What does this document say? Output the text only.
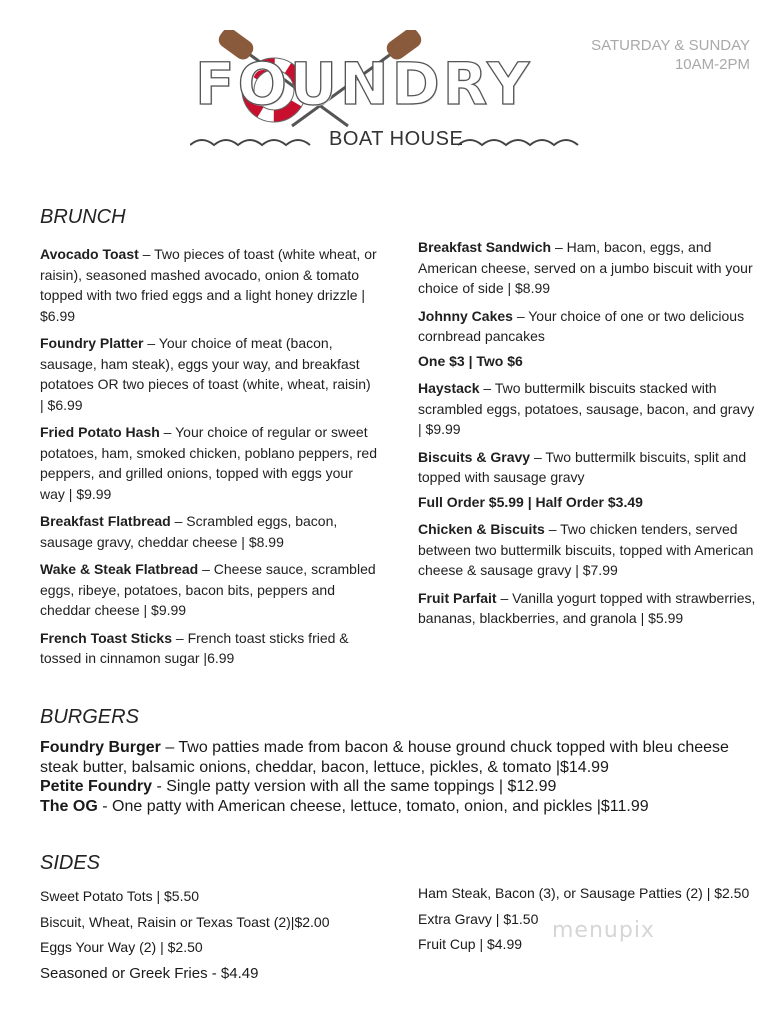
FOUNDRY
BOAT HOUSE
SATURDAY & SUNDAY
10AM-2PM
BRUNCH
Avocado Toast – Two pieces of toast (white wheat, or raisin), seasoned mashed avocado, onion & tomato topped with two fried eggs and a light honey drizzle | $6.99
Foundry Platter – Your choice of meat (bacon, sausage, ham steak), eggs your way, and breakfast potatoes OR two pieces of toast (white, wheat, raisin) | $6.99
Fried Potato Hash – Your choice of regular or sweet potatoes, ham, smoked chicken, poblano peppers, red peppers, and grilled onions, topped with eggs your way | $9.99
Breakfast Flatbread – Scrambled eggs, bacon, sausage gravy, cheddar cheese | $8.99
Wake & Steak Flatbread – Cheese sauce, scrambled eggs, ribeye, potatoes, bacon bits, peppers and cheddar cheese | $9.99
French Toast Sticks – French toast sticks fried & tossed in cinnamon sugar |6.99
Breakfast Sandwich – Ham, bacon, eggs, and American cheese, served on a jumbo biscuit with your choice of side | $8.99
Johnny Cakes – Your choice of one or two delicious cornbread pancakes
One $3 | Two $6
Haystack – Two buttermilk biscuits stacked with scrambled eggs, potatoes, sausage, bacon, and gravy | $9.99
Biscuits & Gravy – Two buttermilk biscuits, split and topped with sausage gravy
Full Order $5.99 | Half Order $3.49
Chicken & Biscuits – Two chicken tenders, served between two buttermilk biscuits, topped with American cheese & sausage gravy | $7.99
Fruit Parfait – Vanilla yogurt topped with strawberries, bananas, blackberries, and granola | $5.99
BURGERS
Foundry Burger – Two patties made from bacon & house ground chuck topped with bleu cheese steak butter, balsamic onions, cheddar, bacon, lettuce, pickles, & tomato |$14.99
Petite Foundry - Single patty version with all the same toppings | $12.99
The OG - One patty with American cheese, lettuce, tomato, onion, and pickles |$11.99
SIDES
Sweet Potato Tots | $5.50
Biscuit, Wheat, Raisin or Texas Toast (2)|$2.00
Eggs Your Way (2) | $2.50
Seasoned or Greek Fries - $4.49
Ham Steak, Bacon (3), or Sausage Patties (2) | $2.50
Extra Gravy | $1.50
Fruit Cup | $4.99
menupix
